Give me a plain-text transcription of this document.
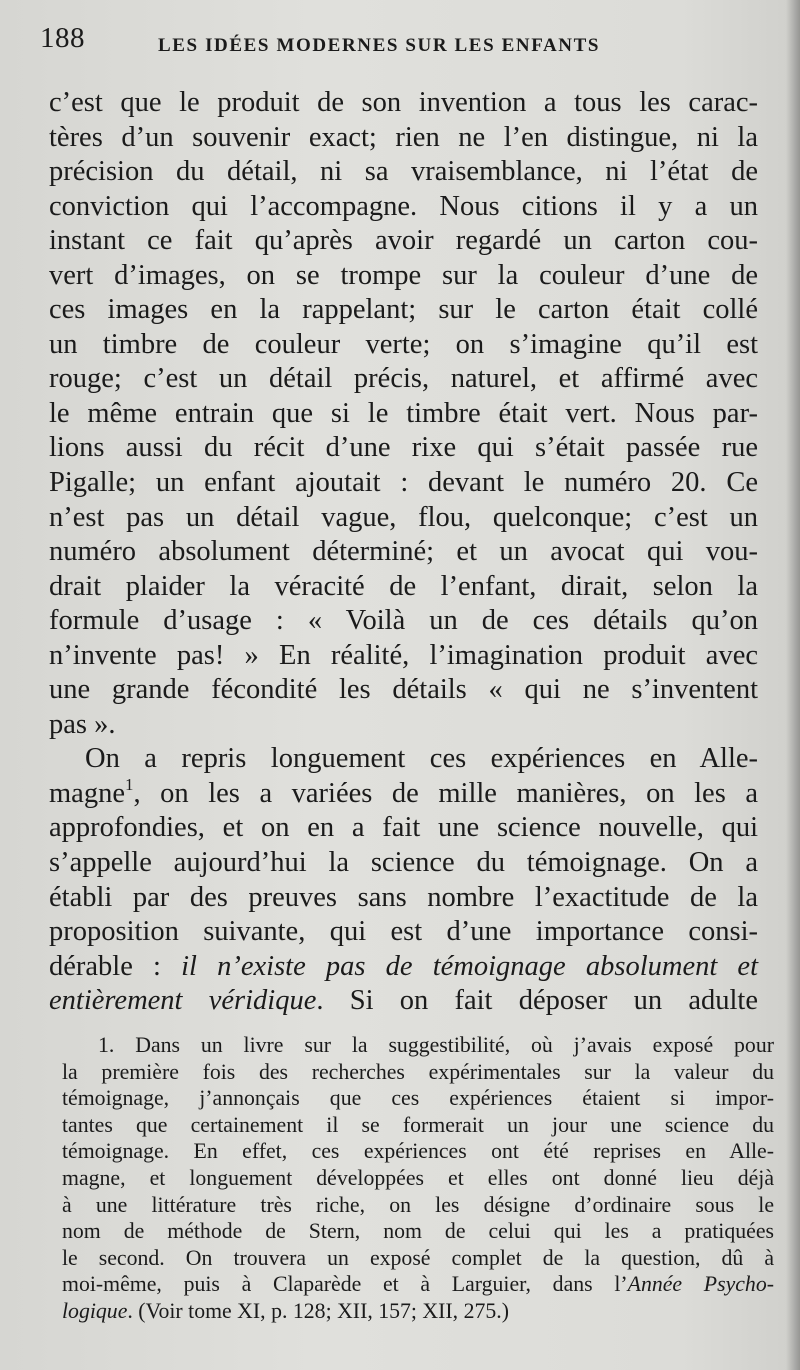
188	LES IDÉES MODERNES SUR LES ENFANTS
c’est que le produit de son invention a tous les carac-
tères d’un souvenir exact; rien ne l’en distingue, ni la
précision du détail, ni sa vraisemblance, ni l’état de
conviction qui l’accompagne. Nous citions il y a un
instant ce fait qu’après avoir regardé un carton cou-
vert d’images, on se trompe sur la couleur d’une de
ces images en la rappelant; sur le carton était collé
un timbre de couleur verte; on s’imagine qu’il est
rouge; c’est un détail précis, naturel, et affirmé avec
le même entrain que si le timbre était vert. Nous par-
lions aussi du récit d’une rixe qui s’était passée rue
Pigalle; un enfant ajoutait : devant le numéro 20. Ce
n’est pas un détail vague, flou, quelconque; c’est un
numéro absolument déterminé; et un avocat qui vou-
drait plaider la véracité de l’enfant, dirait, selon la
formule d’usage : « Voilà un de ces détails qu’on
n’invente pas! » En réalité, l’imagination produit avec
une grande fécondité les détails « qui ne s’inventent
pas ».
On a repris longuement ces expériences en Alle-
magne$^1$, on les a variées de mille manières, on les a
approfondies, et on en a fait une science nouvelle, qui
s’appelle aujourd’hui la science du témoignage. On a
établi par des preuves sans nombre l’exactitude de la
proposition suivante, qui est d’une importance consi-
dérable : il n’existe pas de témoignage absolument et
entièrement véridique. Si on fait déposer un adulte
1. Dans un livre sur la suggestibilité, où j’avais exposé pour
la première fois des recherches expérimentales sur la valeur du
témoignage, j’annonçais que ces expériences étaient si impor-
tantes que certainement il se formerait un jour une science du
témoignage. En effet, ces expériences ont été reprises en Alle-
magne, et longuement développées et elles ont donné lieu déjà
à une littérature très riche, on les désigne d’ordinaire sous le
nom de méthode de Stern, nom de celui qui les a pratiquées
le second. On trouvera un exposé complet de la question, dû à
moi-même, puis à Claparède et à Larguier, dans l’Année Psycho-
logique. (Voir tome XI, p. 128; XII, 157; XII, 275.)
